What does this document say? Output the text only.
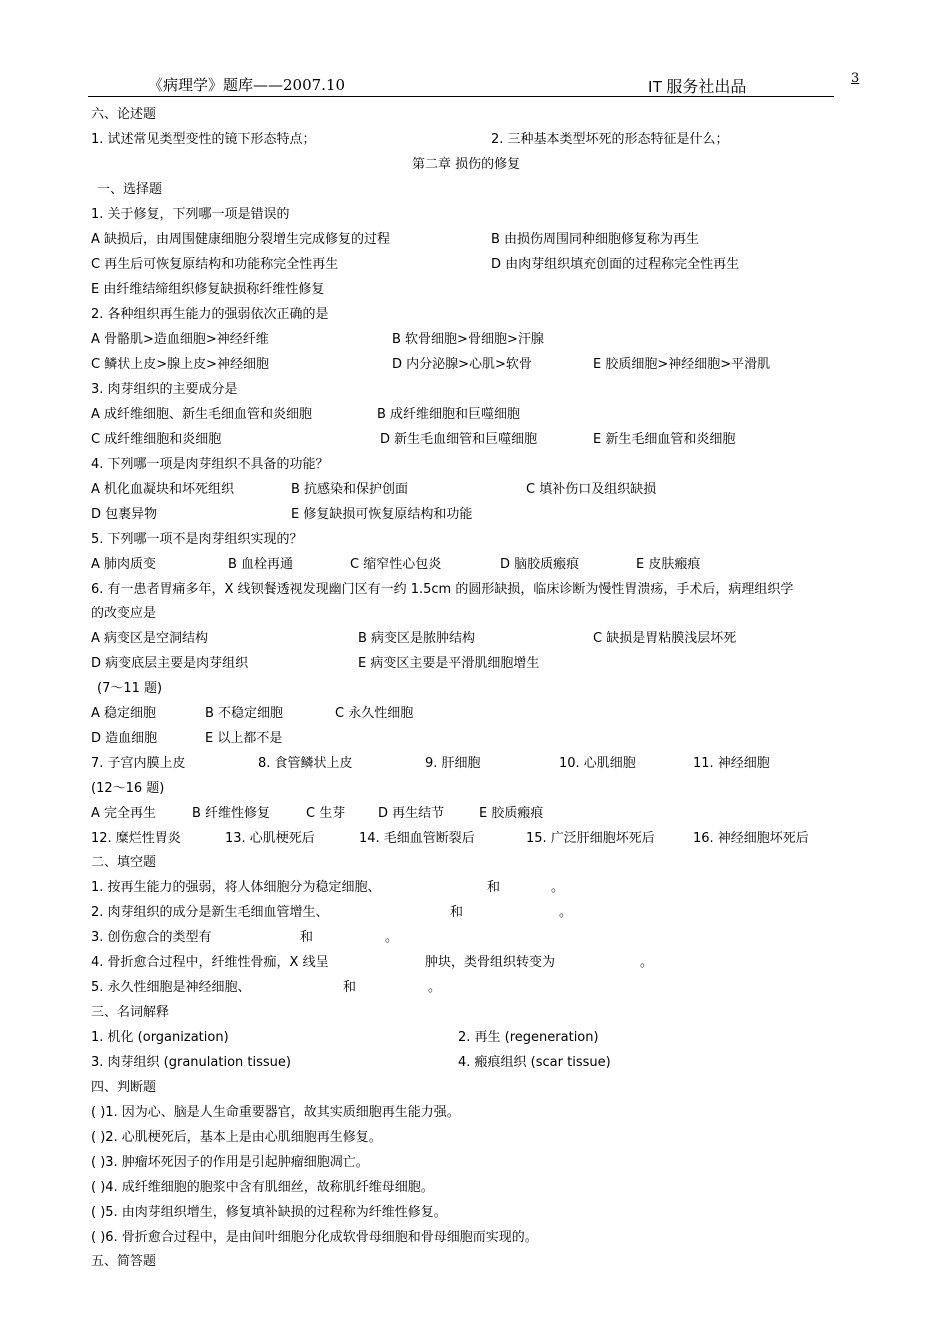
《病理学》题库——2007.10	IT 服务社出品
3
六、论述题
1. 试述常见类型变性的镜下形态特点；	2. 三种基本类型坏死的形态特征是什么；
第二章 损伤的修复
一、选择题
1. 关于修复，下列哪一项是错误的
A 缺损后，由周围健康细胞分裂增生完成修复的过程	B 由损伤周围同种细胞修复称为再生
C 再生后可恢复原结构和功能称完全性再生	D 由肉芽组织填充创面的过程称完全性再生
E 由纤维结缔组织修复缺损称纤维性修复
2. 各种组织再生能力的强弱依次正确的是
A 骨骼肌>造血细胞>神经纤维	B 软骨细胞>骨细胞>汗腺
C 鳞状上皮>腺上皮>神经细胞	D 内分泌腺>心肌>软骨	E 胶质细胞>神经细胞>平滑肌
3. 肉芽组织的主要成分是
A 成纤维细胞、新生毛细血管和炎细胞	B 成纤维细胞和巨噬细胞
C 成纤维细胞和炎细胞	D 新生毛血细管和巨噬细胞	E 新生毛细血管和炎细胞
4. 下列哪一项是肉芽组织不具备的功能？
A 机化血凝块和坏死组织	B 抗感染和保护创面	C 填补伤口及组织缺损
D 包裹异物	E 修复缺损可恢复原结构和功能
5. 下列哪一项不是肉芽组织实现的？
A 肺肉质变	B 血栓再通	C 缩窄性心包炎	D 脑胶质瘢痕	E 皮肤瘢痕
6. 有一患者胃痛多年，X 线钡餐透视发现幽门区有一约 1.5cm 的圆形缺损，临床诊断为慢性胃溃疡，手术后，病理组织学
的改变应是
A 病变区是空洞结构	B 病变区是脓肿结构	C 缺损是胃粘膜浅层坏死
D 病变底层主要是肉芽组织	E 病变区主要是平滑肌细胞增生
(7～11 题)
A 稳定细胞	B 不稳定细胞	C 永久性细胞
D 造血细胞	E 以上都不是
7. 子宫内膜上皮	8. 食管鳞状上皮	9. 肝细胞	10. 心肌细胞	11. 神经细胞
(12～16 题)
A 完全再生	B 纤维性修复	C 生芽	D 再生结节	E 胶质瘢痕
12. 糜烂性胃炎	13. 心肌梗死后	14. 毛细血管断裂后	15. 广泛肝细胞坏死后	16. 神经细胞坏死后
二、填空题
1. 按再生能力的强弱，将人体细胞分为稳定细胞、	和	。
2. 肉芽组织的成分是新生毛细血管增生、	和	。
3. 创伤愈合的类型有	和	。
4. 骨折愈合过程中，纤维性骨痂，X 线呈	肿块，类骨组织转变为	。
5. 永久性细胞是神经细胞、	和	。
三、名词解释
1. 机化 (organization)	2. 再生 (regeneration)
3. 肉芽组织 (granulation tissue)	4. 瘢痕组织 (scar tissue)
四、判断题
( )1. 因为心、脑是人生命重要器官，故其实质细胞再生能力强。
( )2. 心肌梗死后，基本上是由心肌细胞再生修复。
( )3. 肿瘤坏死因子的作用是引起肿瘤细胞凋亡。
( )4. 成纤维细胞的胞浆中含有肌细丝，故称肌纤维母细胞。
( )5. 由肉芽组织增生，修复填补缺损的过程称为纤维性修复。
( )6. 骨折愈合过程中，是由间叶细胞分化成软骨母细胞和骨母细胞而实现的。
五、简答题
